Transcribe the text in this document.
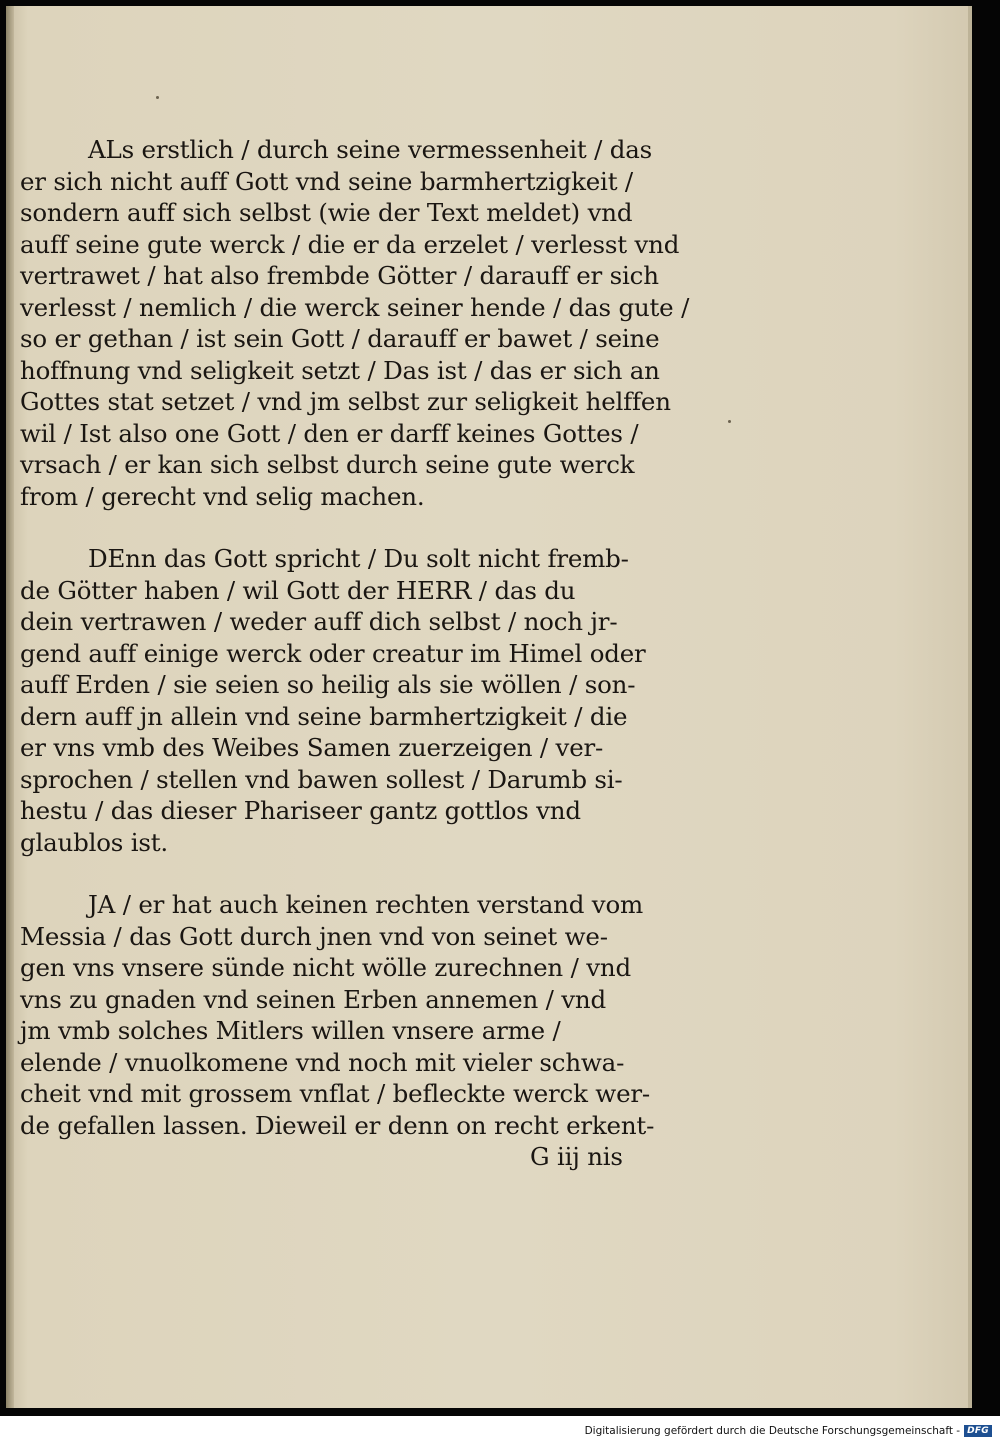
ALs erstlich / durch seine vermessenheit / das
er sich nicht auff Gott vnd seine barmhertzigkeit /
sondern auff sich selbst (wie der Text meldet) vnd
auff seine gute werck / die er da erzelet / verlesst vnd
vertrawet / hat also frembde Götter / darauff er sich
verlesst / nemlich / die werck seiner hende / das gute /
so er gethan / ist sein Gott / darauff er bawet / seine
hoffnung vnd seligkeit setzt / Das ist / das er sich an
Gottes stat setzet / vnd jm selbst zur seligkeit helffen
wil / Ist also one Gott / den er darff keines Gottes /
vrsach / er kan sich selbst durch seine gute werck
from / gerecht vnd selig machen.
DEnn das Gott spricht / Du solt nicht fremb-
de Götter haben / wil Gott der HERR / das du
dein vertrawen / weder auff dich selbst / noch jr-
gend auff einige werck oder creatur im Himel oder
auff Erden / sie seien so heilig als sie wöllen / son-
dern auff jn allein vnd seine barmhertzigkeit / die
er vns vmb des Weibes Samen zuerzeigen / ver-
sprochen / stellen vnd bawen sollest / Darumb si-
hestu / das dieser Phariseer gantz gottlos vnd
glaublos ist.
JA / er hat auch keinen rechten verstand vom
Messia / das Gott durch jnen vnd von seinet we-
gen vns vnsere sünde nicht wölle zurechnen / vnd
vns zu gnaden vnd seinen Erben annemen / vnd
jm vmb solches Mitlers willen vnsere arme /
elende / vnuolkomene vnd noch mit vieler schwa-
cheit vnd mit grossem vnflat / befleckte werck wer-
de gefallen lassen. Dieweil er denn on recht erkent-
G iij nis
Digitalisierung gefördert durch die Deutsche Forschungsgemeinschaft - DFG
